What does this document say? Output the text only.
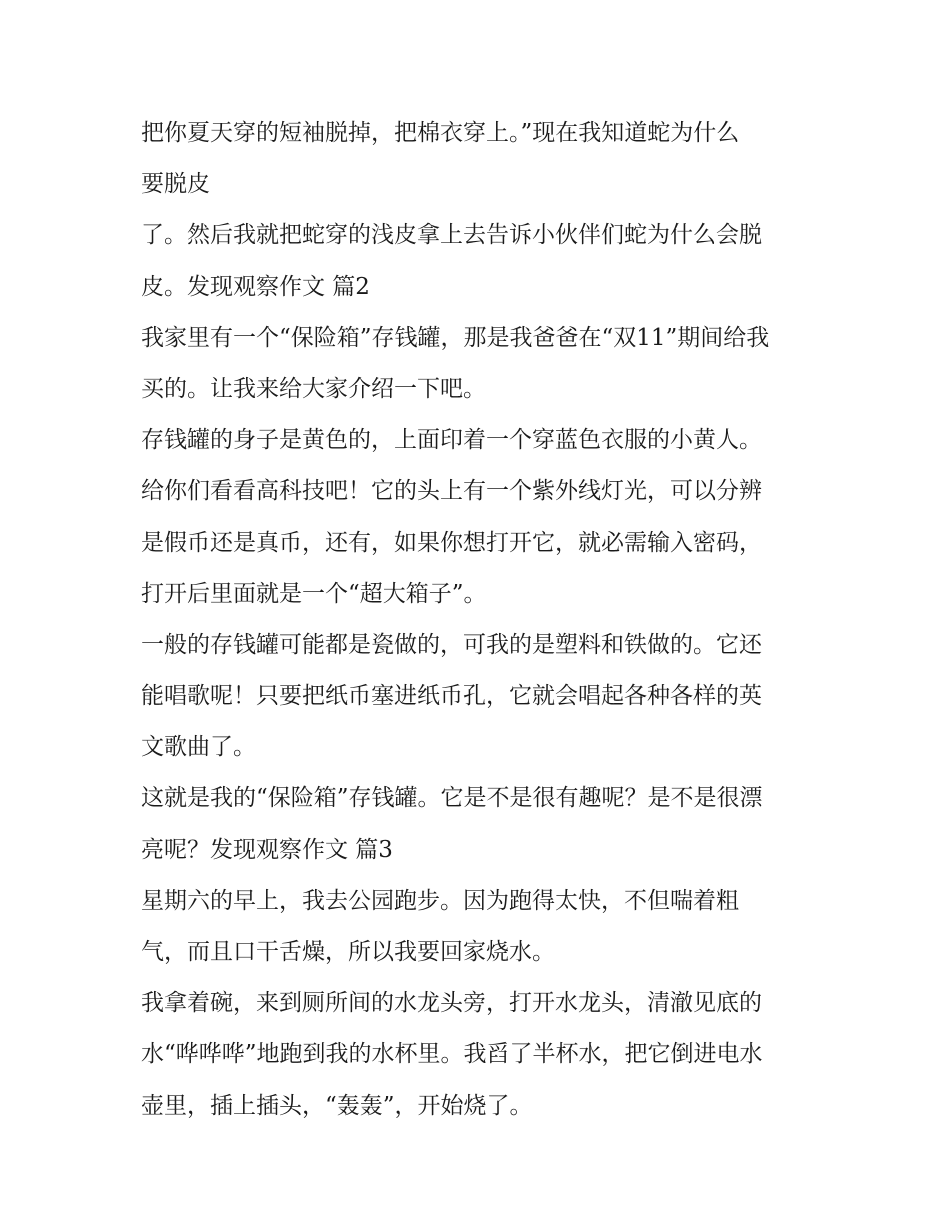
把你夏天穿的短袖脱掉，把棉衣穿上。”现在我知道蛇为什么
要脱皮
了。然后我就把蛇穿的浅皮拿上去告诉小伙伴们蛇为什么会脱
皮。发现观察作文 篇2
我家里有一个“保险箱”存钱罐，那是我爸爸在“双11”期间给我
买的。让我来给大家介绍一下吧。
存钱罐的身子是黄色的，上面印着一个穿蓝色衣服的小黄人。
给你们看看高科技吧！它的头上有一个紫外线灯光，可以分辨
是假币还是真币，还有，如果你想打开它，就必需输入密码，
打开后里面就是一个“超大箱子”。
一般的存钱罐可能都是瓷做的，可我的是塑料和铁做的。它还
能唱歌呢！只要把纸币塞进纸币孔，它就会唱起各种各样的英
文歌曲了。
这就是我的“保险箱”存钱罐。它是不是很有趣呢？是不是很漂
亮呢？发现观察作文 篇3
星期六的早上，我去公园跑步。因为跑得太快，不但喘着粗
气，而且口干舌燥，所以我要回家烧水。
我拿着碗，来到厕所间的水龙头旁，打开水龙头，清澈见底的
水“哗哗哗”地跑到我的水杯里。我舀了半杯水，把它倒进电水
壶里，插上插头，“轰轰”，开始烧了。
